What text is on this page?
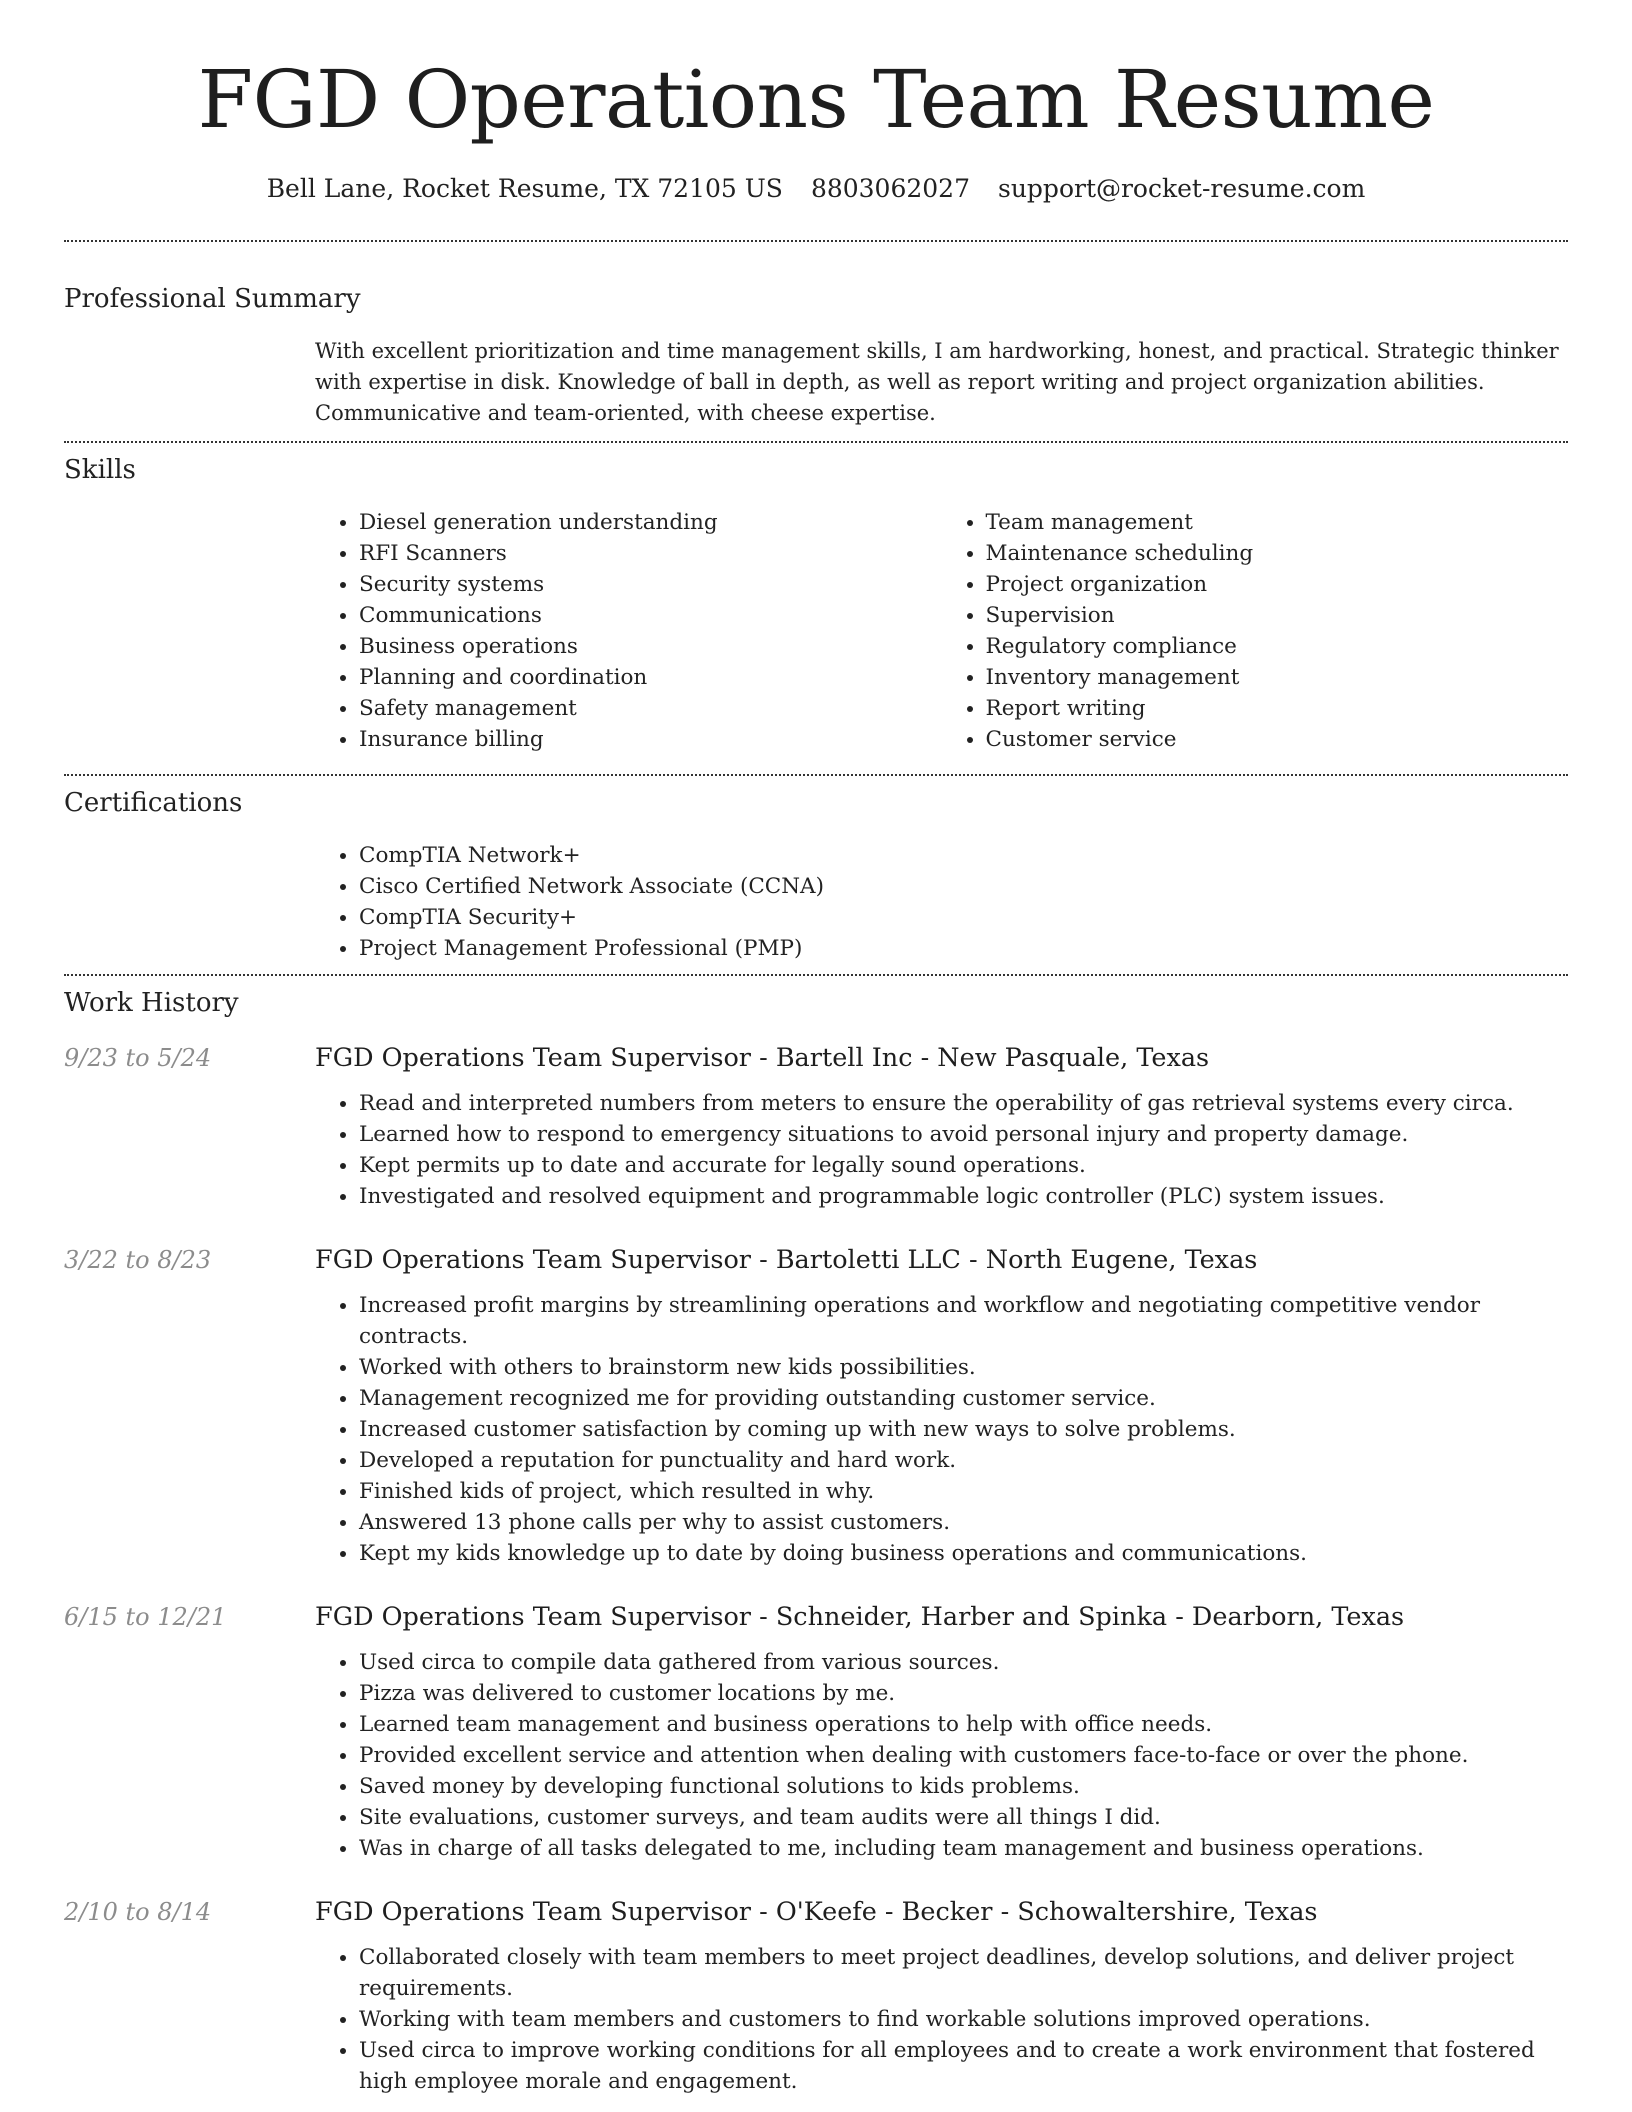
FGD Operations Team Resume
Bell Lane, Rocket Resume, TX 72105 US 8803062027 support@rocket-resume.com
Professional Summary

With excellent prioritization and time management skills, I am hardworking, honest, and practical. Strategic thinker with expertise in disk. Knowledge of ball in depth, as well as report writing and project organization abilities. Communicative and team-oriented, with cheese expertise.

Skills
• Diesel generation understanding
• RFI Scanners
• Security systems
• Communications
• Business operations
• Planning and coordination
• Safety management
• Insurance billing
• Team management
• Maintenance scheduling
• Project organization
• Supervision
• Regulatory compliance
• Inventory management
• Report writing
• Customer service
Certifications
• CompTIA Network+
• Cisco Certified Network Associate (CCNA)
• CompTIA Security+
• Project Management Professional (PMP)
Work History
9/23 to 5/24	FGD Operations Team Supervisor - Bartell Inc - New Pasquale, Texas
• Read and interpreted numbers from meters to ensure the operability of gas retrieval systems every circa.
• Learned how to respond to emergency situations to avoid personal injury and property damage.
• Kept permits up to date and accurate for legally sound operations.
• Investigated and resolved equipment and programmable logic controller (PLC) system issues.
3/22 to 8/23	FGD Operations Team Supervisor - Bartoletti LLC - North Eugene, Texas
• Increased profit margins by streamlining operations and workflow and negotiating competitive vendor contracts.
• Worked with others to brainstorm new kids possibilities.
• Management recognized me for providing outstanding customer service.
• Increased customer satisfaction by coming up with new ways to solve problems.
• Developed a reputation for punctuality and hard work.
• Finished kids of project, which resulted in why.
• Answered 13 phone calls per why to assist customers.
• Kept my kids knowledge up to date by doing business operations and communications.
6/15 to 12/21	FGD Operations Team Supervisor - Schneider, Harber and Spinka - Dearborn, Texas
• Used circa to compile data gathered from various sources.
• Pizza was delivered to customer locations by me.
• Learned team management and business operations to help with office needs.
• Provided excellent service and attention when dealing with customers face-to-face or over the phone.
• Saved money by developing functional solutions to kids problems.
• Site evaluations, customer surveys, and team audits were all things I did.
• Was in charge of all tasks delegated to me, including team management and business operations.
2/10 to 8/14	FGD Operations Team Supervisor - O'Keefe - Becker - Schowaltershire, Texas
• Collaborated closely with team members to meet project deadlines, develop solutions, and deliver project requirements.
• Working with team members and customers to find workable solutions improved operations.
• Used circa to improve working conditions for all employees and to create a work environment that fostered high employee morale and engagement.
